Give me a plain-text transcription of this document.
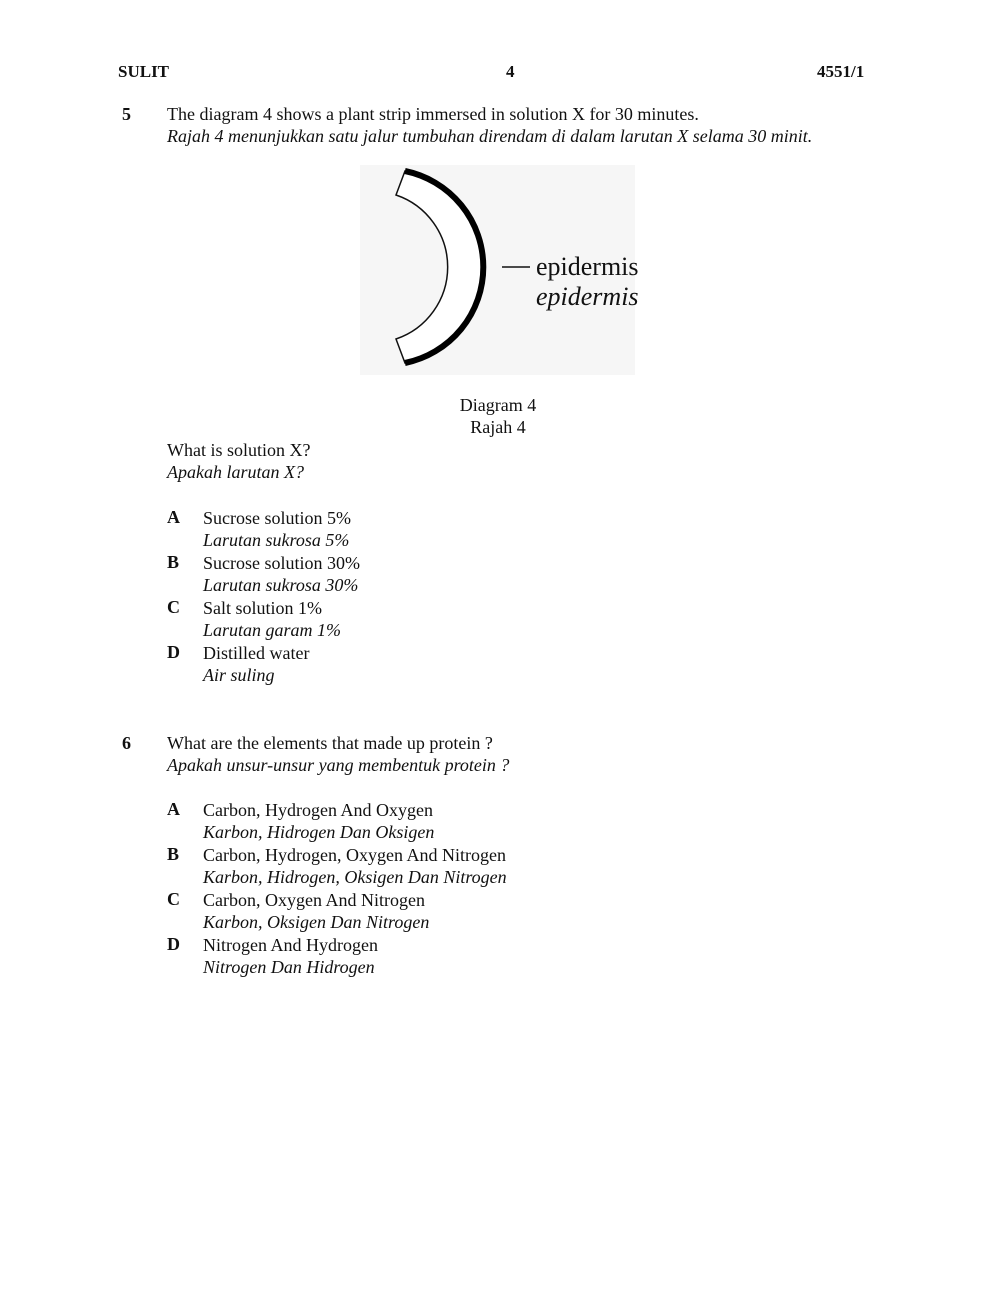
SULIT	4	4551/1
5 The diagram 4 shows a plant strip immersed in solution X for 30 minutes.
Rajah 4 menunjukkan satu jalur tumbuhan direndam di dalam larutan X selama 30 minit.
epidermis
epidermis
Diagram 4
Rajah 4
What is solution X?
Apakah larutan X?
A Sucrose solution 5%
Larutan sukrosa 5%
B Sucrose solution 30%
Larutan sukrosa 30%
C Salt solution 1%
Larutan garam 1%
D Distilled water
Air suling
6 What are the elements that made up protein ?
Apakah unsur-unsur yang membentuk protein ?
A Carbon, Hydrogen And Oxygen
Karbon, Hidrogen Dan Oksigen
B Carbon, Hydrogen, Oxygen And Nitrogen
Karbon, Hidrogen, Oksigen Dan Nitrogen
C Carbon, Oxygen And Nitrogen
Karbon, Oksigen Dan Nitrogen
D Nitrogen And Hydrogen
Nitrogen Dan Hidrogen
